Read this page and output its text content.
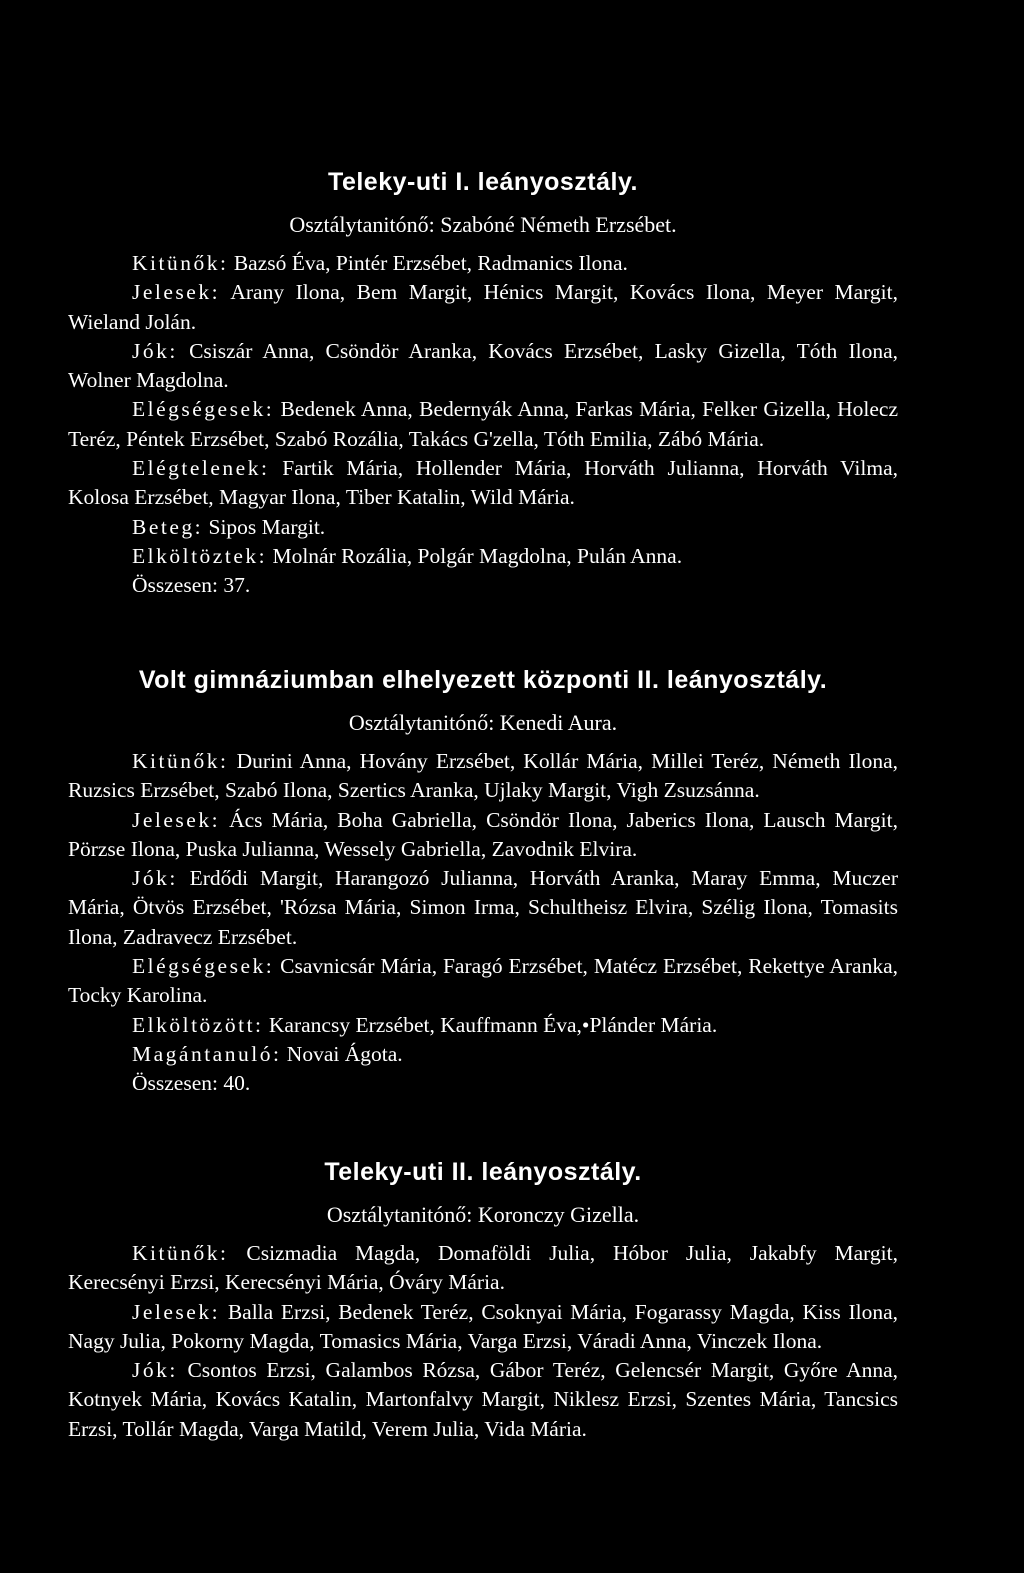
Teleky-uti I. leányosztály.

Osztálytanitónő: Szabóné Németh Erzsébet.

Kitünők: Bazsó Éva, Pintér Erzsébet, Radmanics Ilona.

Jelesek: Arany Ilona, Bem Margit, Hénics Margit, Kovács Ilona, Meyer Margit, Wieland Jolán.

Jók: Csiszár Anna, Csöndör Aranka, Kovács Erzsébet, Lasky Gizella, Tóth Ilona, Wolner Magdolna.

Elégségesek: Bedenek Anna, Bedernyák Anna, Farkas Mária, Felker Gizella, Holecz Teréz, Péntek Erzsébet, Szabó Rozália, Takács G'zella, Tóth Emilia, Zábó Mária.

Elégtelenek: Fartik Mária, Hollender Mária, Horváth Julianna, Horváth Vilma, Kolosa Erzsébet, Magyar Ilona, Tiber Katalin, Wild Mária.

Beteg: Sipos Margit.

Elköltöztek: Molnár Rozália, Polgár Magdolna, Pulán Anna.

Összesen: 37.

Volt gimnáziumban elhelyezett központi II. leányosztály.

Osztálytanitónő: Kenedi Aura.

Kitünők: Durini Anna, Hovány Erzsébet, Kollár Mária, Millei Teréz, Németh Ilona, Ruzsics Erzsébet, Szabó Ilona, Szertics Aranka, Ujlaky Margit, Vigh Zsuzsánna.

Jelesek: Ács Mária, Boha Gabriella, Csöndör Ilona, Jaberics Ilona, Lausch Margit, Pörzse Ilona, Puska Julianna, Wessely Gabriella, Zavodnik Elvira.

Jók: Erdődi Margit, Harangozó Julianna, Horváth Aranka, Maray Emma, Muczer Mária, Ötvös Erzsébet, 'Rózsa Mária, Simon Irma, Schultheisz Elvira, Szélig Ilona, Tomasits Ilona, Zadravecz Erzsébet.

Elégségesek: Csavnicsár Mária, Faragó Erzsébet, Matécz Erzsébet, Rekettye Aranka, Tocky Karolina.

Elköltözött: Karancsy Erzsébet, Kauffmann Éva,•Plánder Mária.

Magántanuló: Novai Ágota.

Összesen: 40.

Teleky-uti II. leányosztály.

Osztálytanitónő: Koronczy Gizella.

Kitünők: Csizmadia Magda, Domaföldi Julia, Hóbor Julia, Jakabfy Margit, Kerecsényi Erzsi, Kerecsényi Mária, Óváry Mária.

Jelesek: Balla Erzsi, Bedenek Teréz, Csoknyai Mária, Fogarassy Magda, Kiss Ilona, Nagy Julia, Pokorny Magda, Tomasics Mária, Varga Erzsi, Váradi Anna, Vinczek Ilona.

Jók: Csontos Erzsi, Galambos Rózsa, Gábor Teréz, Gelencsér Margit, Győre Anna, Kotnyek Mária, Kovács Katalin, Martonfalvy Margit, Niklesz Erzsi, Szentes Mária, Tancsics Erzsi, Tollár Magda, Varga Matild, Verem Julia, Vida Mária.
